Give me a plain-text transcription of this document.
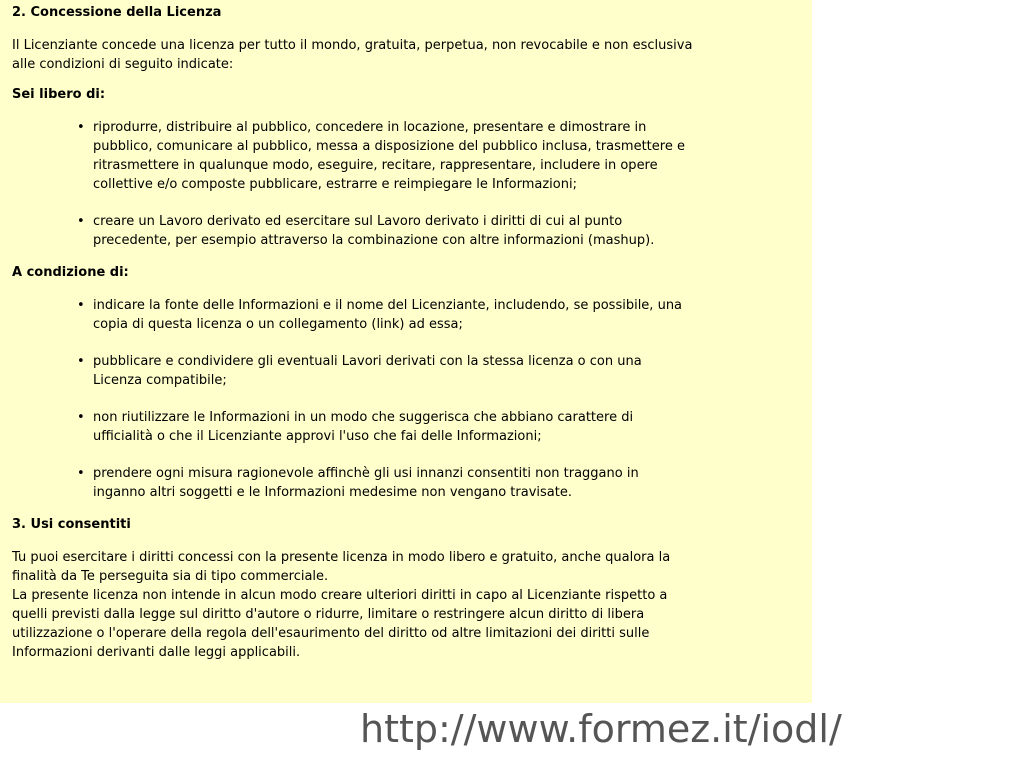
2. Concessione della Licenza

Il Licenziante concede una licenza per tutto il mondo, gratuita, perpetua, non revocabile e non esclusiva
alle condizioni di seguito indicate:

Sei libero di:
• riprodurre, distribuire al pubblico, concedere in locazione, presentare e dimostrare in
pubblico, comunicare al pubblico, messa a disposizione del pubblico inclusa, trasmettere e
ritrasmettere in qualunque modo, eseguire, recitare, rappresentare, includere in opere
collettive e/o composte pubblicare, estrarre e reimpiegare le Informazioni;
• creare un Lavoro derivato ed esercitare sul Lavoro derivato i diritti di cui al punto
precedente, per esempio attraverso la combinazione con altre informazioni (mashup).
A condizione di:
• indicare la fonte delle Informazioni e il nome del Licenziante, includendo, se possibile, una
copia di questa licenza o un collegamento (link) ad essa;
• pubblicare e condividere gli eventuali Lavori derivati con la stessa licenza o con una
Licenza compatibile;
• non riutilizzare le Informazioni in un modo che suggerisca che abbiano carattere di
ufficialità o che il Licenziante approvi l'uso che fai delle Informazioni;
• prendere ogni misura ragionevole affinchè gli usi innanzi consentiti non traggano in
inganno altri soggetti e le Informazioni medesime non vengano travisate.
3. Usi consentiti

Tu puoi esercitare i diritti concessi con la presente licenza in modo libero e gratuito, anche qualora la
finalità da Te perseguita sia di tipo commerciale.
La presente licenza non intende in alcun modo creare ulteriori diritti in capo al Licenziante rispetto a
quelli previsti dalla legge sul diritto d'autore o ridurre, limitare o restringere alcun diritto di libera
utilizzazione o l'operare della regola dell'esaurimento del diritto od altre limitazioni dei diritti sulle
Informazioni derivanti dalle leggi applicabili.

http://www.formez.it/iodl/
